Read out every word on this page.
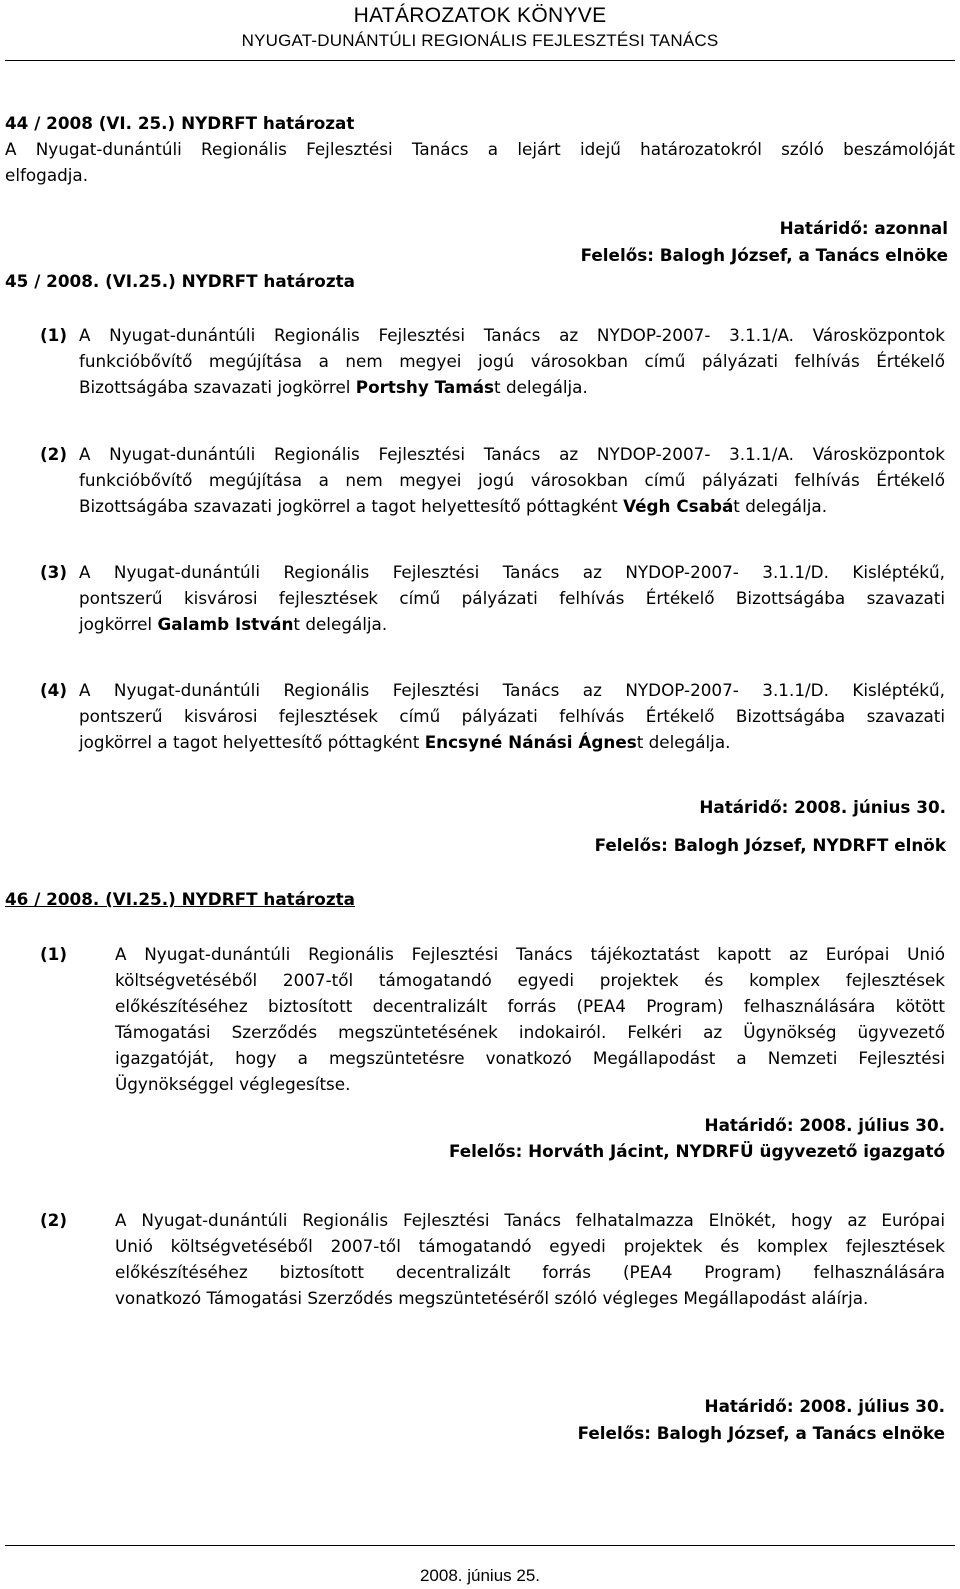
HATÁROZATOK KÖNYVE
NYUGAT-DUNÁNTÚLI REGIONÁLIS FEJLESZTÉSI TANÁCS
44 / 2008 (VI. 25.) NYDRFT határozat
A Nyugat-dunántúli Regionális Fejlesztési Tanács a lejárt idejű határozatokról szóló beszámolóját
elfogadja.
Határidő: azonnal
Felelős: Balogh József, a Tanács elnöke
45 / 2008. (VI.25.) NYDRFT határozta
(1) A Nyugat-dunántúli Regionális Fejlesztési Tanács az NYDOP-2007- 3.1.1/A. Városközpontok
funkcióbővítő megújítása a nem megyei jogú városokban című pályázati felhívás Értékelő
Bizottságába szavazati jogkörrel Portshy Tamást delegálja.
(2) A Nyugat-dunántúli Regionális Fejlesztési Tanács az NYDOP-2007- 3.1.1/A. Városközpontok
funkcióbővítő megújítása a nem megyei jogú városokban című pályázati felhívás Értékelő
Bizottságába szavazati jogkörrel a tagot helyettesítő póttagként Végh Csabát delegálja.
(3) A Nyugat-dunántúli Regionális Fejlesztési Tanács az NYDOP-2007- 3.1.1/D. Kisléptékű,
pontszerű kisvárosi fejlesztések című pályázati felhívás Értékelő Bizottságába szavazati
jogkörrel Galamb Istvánt delegálja.
(4) A Nyugat-dunántúli Regionális Fejlesztési Tanács az NYDOP-2007- 3.1.1/D. Kisléptékű,
pontszerű kisvárosi fejlesztések című pályázati felhívás Értékelő Bizottságába szavazati
jogkörrel a tagot helyettesítő póttagként Encsyné Nánási Ágnest delegálja.
Határidő: 2008. június 30.
Felelős: Balogh József, NYDRFT elnök
46 / 2008. (VI.25.) NYDRFT határozta
(1)	A Nyugat-dunántúli Regionális Fejlesztési Tanács tájékoztatást kapott az Európai Unió
költségvetéséből 2007-től támogatandó egyedi projektek és komplex fejlesztések
előkészítéséhez biztosított decentralizált forrás (PEA4 Program) felhasználására kötött
Támogatási Szerződés megszüntetésének indokairól. Felkéri az Ügynökség ügyvezető
igazgatóját, hogy a megszüntetésre vonatkozó Megállapodást a Nemzeti Fejlesztési
Ügynökséggel véglegesítse.
Határidő: 2008. július 30.
Felelős: Horváth Jácint, NYDRFÜ ügyvezető igazgató
(2)	A Nyugat-dunántúli Regionális Fejlesztési Tanács felhatalmazza Elnökét, hogy az Európai
Unió költségvetéséből 2007-től támogatandó egyedi projektek és komplex fejlesztések
előkészítéséhez biztosított decentralizált forrás (PEA4 Program) felhasználására
vonatkozó Támogatási Szerződés megszüntetéséről szóló végleges Megállapodást aláírja.
Határidő: 2008. július 30.
Felelős: Balogh József, a Tanács elnöke
2008. június 25.
